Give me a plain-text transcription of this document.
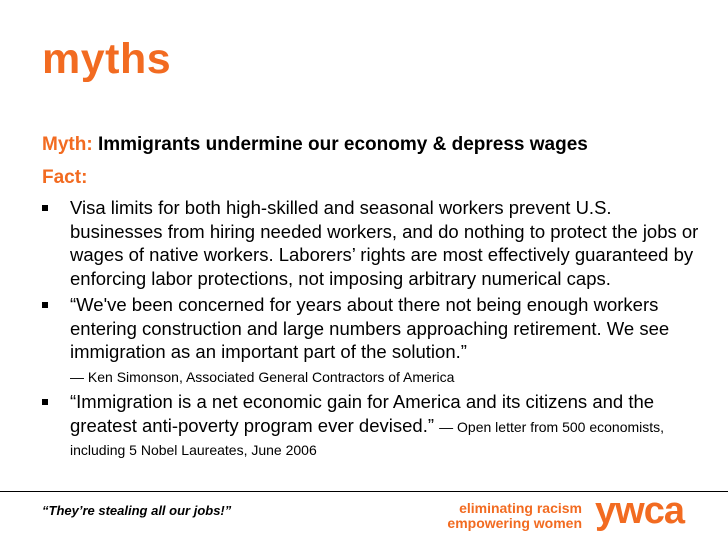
myths
Myth: Immigrants undermine our economy & depress wages
Fact:
Visa limits for both high-skilled and seasonal workers prevent U.S. businesses from hiring needed workers, and do nothing to protect the jobs or wages of native workers. Laborers’ rights are most effectively guaranteed by enforcing labor protections, not imposing arbitrary numerical caps.
“We've been concerned for years about there not being enough workers entering construction and large numbers approaching retirement. We see immigration as an important part of the solution.”
— Ken Simonson, Associated General Contractors of America
“Immigration is a net economic gain for America and its citizens and the greatest anti-poverty program ever devised.” — Open letter from 500 economists, including 5 Nobel Laureates, June 2006
“They’re stealing all our jobs!”	eliminating racism
empowering women ywca
